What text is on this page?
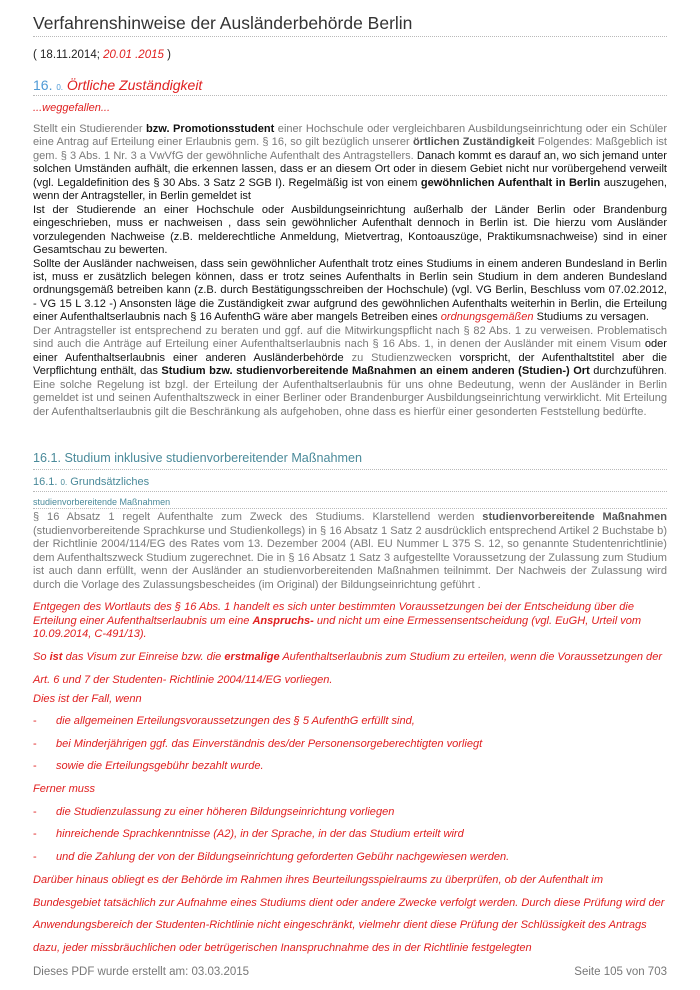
Verfahrenshinweise der Ausländerbehörde Berlin
( 18.11.2014; 20.01 .2015 )
16. 0. Örtliche Zuständigkeit
...weggefallen...
Stellt ein Studierender bzw. Promotionsstudent einer Hochschule oder vergleichbaren Ausbildungseinrichtung oder ein Schüler eine Antrag auf Erteilung einer Erlaubnis gem. § 16, so gilt bezüglich unserer örtlichen Zuständigkeit Folgendes: Maßgeblich ist gem. § 3 Abs. 1 Nr. 3 a VwVfG der gewöhnliche Aufenthalt des Antragstellers. Danach kommt es darauf an, wo sich jemand unter solchen Umständen aufhält, die erkennen lassen, dass er an diesem Ort oder in diesem Gebiet nicht nur vorübergehend verweilt (vgl. Legaldefinition des § 30 Abs. 3 Satz 2 SGB I). Regelmäßig ist von einem gewöhnlichen Aufenthalt in Berlin auszugehen, wenn der Antragsteller, in Berlin gemeldet ist
Ist der Studierende an einer Hochschule oder Ausbildungseinrichtung außerhalb der Länder Berlin oder Brandenburg eingeschrieben, muss er nachweisen , dass sein gewöhnlicher Aufenthalt dennoch in Berlin ist. Die hierzu vom Ausländer vorzulegenden Nachweise (z.B. melderechtliche Anmeldung, Mietvertrag, Kontoauszüge, Praktikumsnachweise) sind in einer Gesamtschau zu bewerten.
Sollte der Ausländer nachweisen, dass sein gewöhnlicher Aufenthalt trotz eines Studiums in einem anderen Bundesland in Berlin ist, muss er zusätzlich belegen können, dass er trotz seines Aufenthalts in Berlin sein Studium in dem anderen Bundesland ordnungsgemäß betreiben kann (z.B. durch Bestätigungsschreiben der Hochschule) (vgl. VG Berlin, Beschluss vom 07.02.2012, - VG 15 L 3.12 -) Ansonsten läge die Zuständigkeit zwar aufgrund des gewöhnlichen Aufenthalts weiterhin in Berlin, die Erteilung einer Aufenthaltserlaubnis nach § 16 AufenthG wäre aber mangels Betreiben eines ordnungsgemäßen Studiums zu versagen.
Der Antragsteller ist entsprechend zu beraten und ggf. auf die Mitwirkungspflicht nach § 82 Abs. 1 zu verweisen. Problematisch sind auch die Anträge auf Erteilung einer Aufenthaltserlaubnis nach § 16 Abs. 1, in denen der Ausländer mit einem Visum oder einer Aufenthaltserlaubnis einer anderen Ausländerbehörde zu Studienzwecken vorspricht, der Aufenthaltstitel aber die Verpflichtung enthält, das Studium bzw. studienvorbereitende Maßnahmen an einem anderen (Studien-) Ort durchzuführen. Eine solche Regelung ist bzgl. der Erteilung der Aufenthaltserlaubnis für uns ohne Bedeutung, wenn der Ausländer in Berlin gemeldet ist und seinen Aufenthaltszweck in einer Berliner oder Brandenburger Ausbildungseinrichtung verwirklicht. Mit Erteilung der Aufenthaltserlaubnis gilt die Beschränkung als aufgehoben, ohne dass es hierfür einer gesonderten Feststellung bedürfte.
16.1. Studium inklusive studienvorbereitender Maßnahmen
16.1. 0. Grundsätzliches
studienvorbereitende Maßnahmen
§ 16 Absatz 1 regelt Aufenthalte zum Zweck des Studiums. Klarstellend werden studienvorbereitende Maßnahmen (studienvorbereitende Sprachkurse und Studienkollegs) in § 16 Absatz 1 Satz 2 ausdrücklich entsprechend Artikel 2 Buchstabe b) der Richtlinie 2004/114/EG des Rates vom 13. Dezember 2004 (ABl. EU Nummer L 375 S. 12, so genannte Studentenrichtlinie) dem Aufenthaltszweck Studium zugerechnet. Die in § 16 Absatz 1 Satz 3 aufgestellte Voraussetzung der Zulassung zum Studium ist auch dann erfüllt, wenn der Ausländer an studienvorbereitenden Maßnahmen teilnimmt. Der Nachweis der Zulassung wird durch die Vorlage des Zulassungsbescheides (im Original) der Bildungseinrichtung geführt .
Entgegen des Wortlauts des § 16 Abs. 1 handelt es sich unter bestimmten Voraussetzungen bei der Entscheidung über die Erteilung einer Aufenthaltserlaubnis um eine Anspruchs- und nicht um eine Ermessensentscheidung (vgl. EuGH, Urteil vom 10.09.2014, C-491/13).
So ist das Visum zur Einreise bzw. die erstmalige Aufenthaltserlaubnis zum Studium zu erteilen, wenn die Voraussetzungen der Art. 6 und 7 der Studenten- Richtlinie 2004/114/EG vorliegen.
Dies ist der Fall, wenn
- die allgemeinen Erteilungsvoraussetzungen des § 5 AufenthG erfüllt sind,
- bei Minderjährigen ggf. das Einverständnis des/der Personensorgeberechtigten vorliegt
- sowie die Erteilungsgebühr bezahlt wurde.
Ferner muss
- die Studienzulassung zu einer höheren Bildungseinrichtung vorliegen
- hinreichende Sprachkenntnisse (A2), in der Sprache, in der das Studium erteilt wird
- und die Zahlung der von der Bildungseinrichtung geforderten Gebühr nachgewiesen werden.
Darüber hinaus obliegt es der Behörde im Rahmen ihres Beurteilungsspielraums zu überprüfen, ob der Aufenthalt im Bundesgebiet tatsächlich zur Aufnahme eines Studiums dient oder andere Zwecke verfolgt werden. Durch diese Prüfung wird der Anwendungsbereich der Studenten-Richtlinie nicht eingeschränkt, vielmehr dient diese Prüfung der Schlüssigkeit des Antrags dazu, jeder missbräuchlichen oder betrügerischen Inanspruchnahme des in der Richtlinie festgelegten
Dieses PDF wurde erstellt am: 03.03.2015	Seite 105 von 703
